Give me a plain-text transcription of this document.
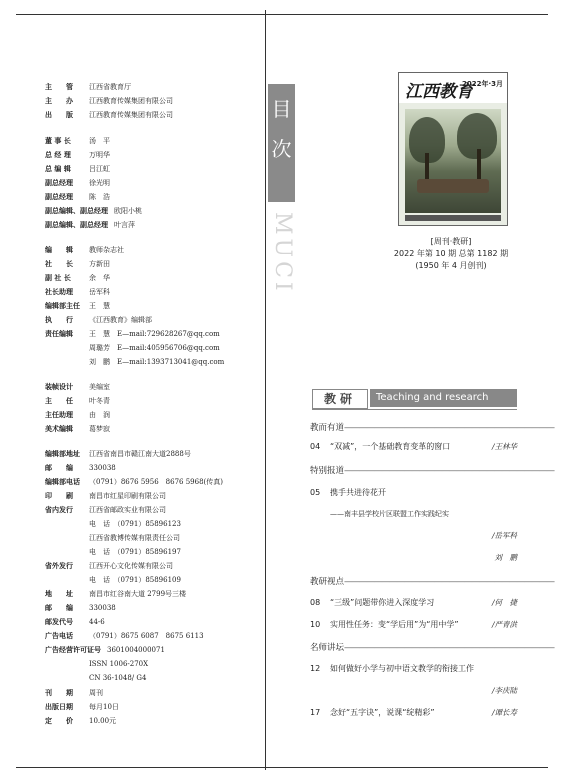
主　　管	江西省教育厅
主　　办	江西教育传媒集团有限公司
出　　版	江西教育传媒集团有限公司
董 事 长	汤　平
总 经 理	万明华
总 编 辑	吕江虹
副总经理	徐光明
副总经理	陈　浩
副总编辑、副总经理 欧阳小桃
副总编辑、副总经理 叶言萍
编　　辑	教师杂志社
社　　长	方新田
副 社 长	余　华
社长助理	岳军科
编辑部主任	王　慧
执　　行	《江西教育》编辑部
责任编辑	王　慧　E—mail:729628267@qq.com
周璐芳　E—mail:405956706@qq.com
刘　鹏　E—mail:1393713041@qq.com
装帧设计	美编室
主　　任	叶冬青
主任助理	由　润
美术编辑	葛梦寂
编辑部地址	江西省南昌市赣江南大道2888号
邮　　编	330038
编辑部电话	（0791）8676 5956　8676 5968(传真)
印　　刷	南昌市红星印刷有限公司
省内发行	江西省邮政实业有限公司
电　话　（0791）85896123
江西省教博传媒有限责任公司
电　话　（0791）85896197
省外发行	江西开心文化传媒有限公司
电　话　（0791）85896109
地　　址	南昌市红谷南大道 2799号三楼
邮　　编	330038
邮发代号	44-6
广告电话	（0791）8675 6087　8675 6113
广告经营许可证号 3601004000071
ISSN 1006-270X
CN 36-1048/ G4
刊　　期	周刊
出版日期	每月10日
定　　价	10.00元
目
次
MUCI
江西教育
2022年·3月
[周刊·教研]
2022 年第 10 期 总第 1182 期
(1950 年 4 月创刊)
教研	Teaching and research
教而有道————————————————————————————
04 “双减”，一个基础教育变革的窗口	/王林华
特别报道————————————————————————————
05 携手共进待花开
——南丰县学校片区联盟工作实践纪实
/岳军科
刘　鹏
教研视点————————————————————————————
08 “三级”问题带你进入深度学习	/何　捷
10 实用性任务：变“学后用”为“用中学”	/严青洪
名师讲坛————————————————————————————
12 如何做好小学与初中语文教学的衔接工作
/李庆陆
17 念好“五字诀”，说课“绽精彩”	/谭长寿
